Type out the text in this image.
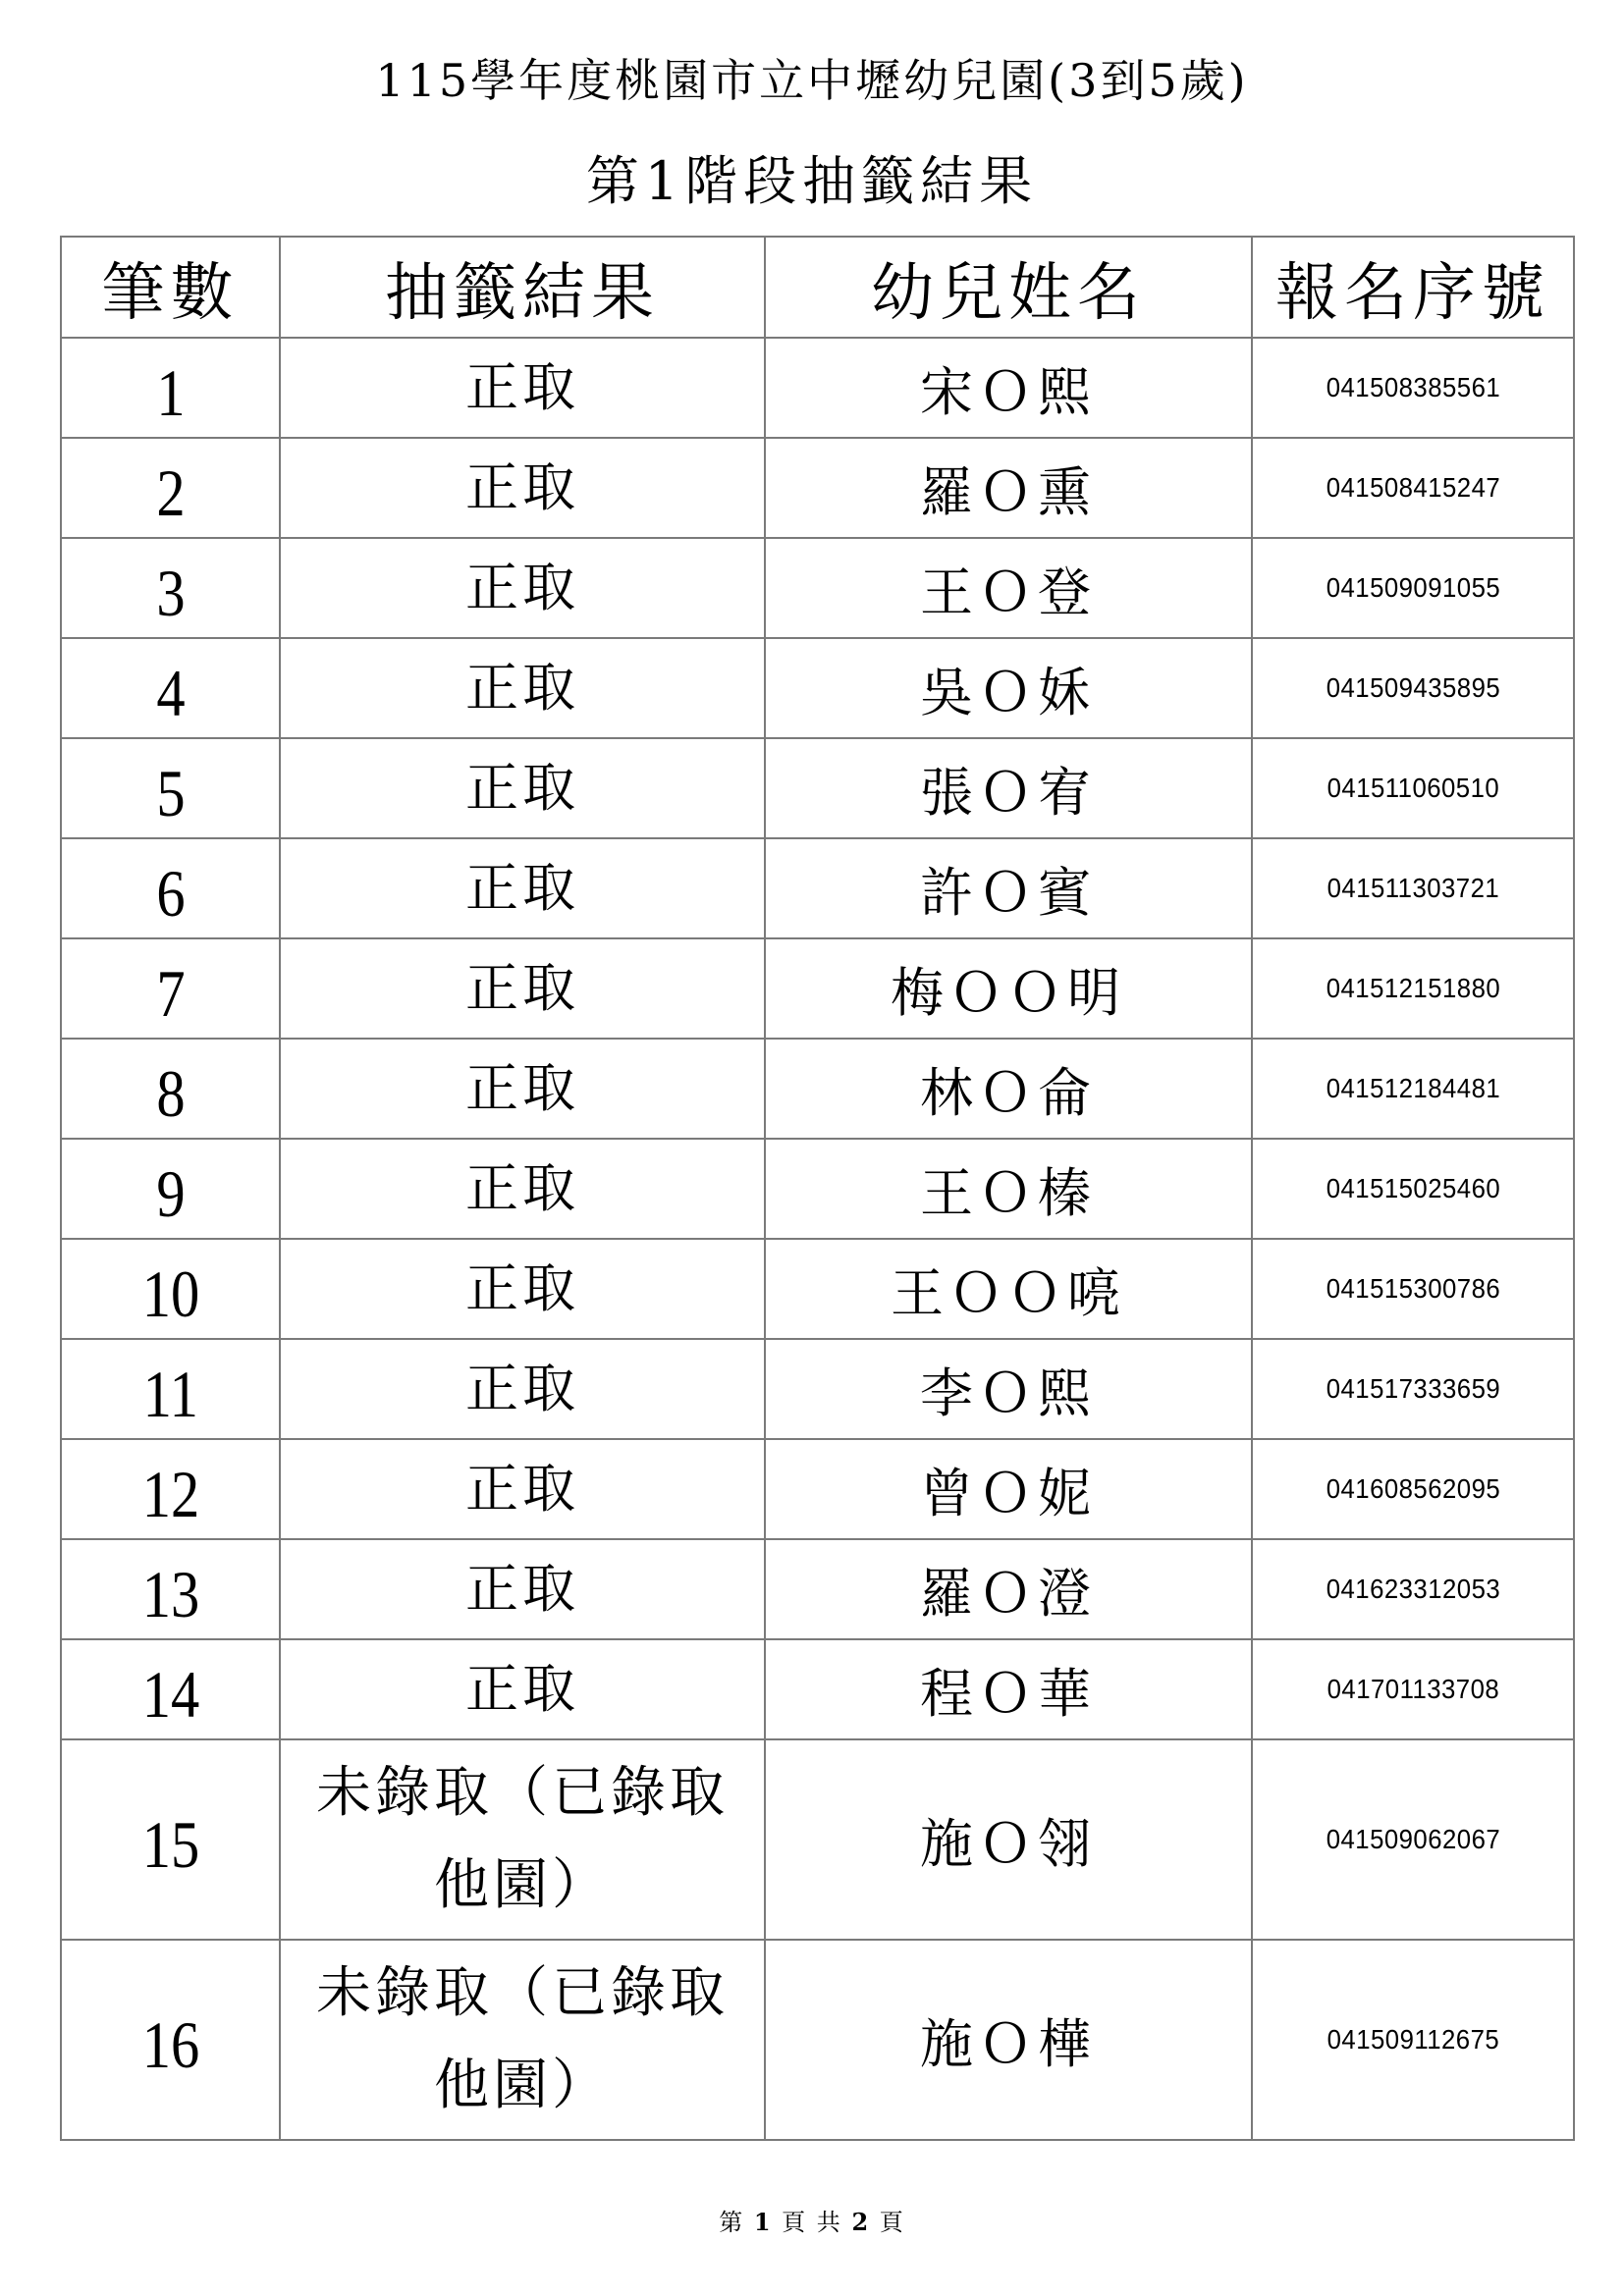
115學年度桃園市立中壢幼兒園(3到5歲)
第1階段抽籤結果
筆數	抽籤結果	幼兒姓名	報名序號
1	正取	宋Ｏ熙	041508385561
2	正取	羅Ｏ熏	041508415247
3	正取	王Ｏ登	041509091055
4	正取	吳Ｏ姀	041509435895
5	正取	張Ｏ宥	041511060510
6	正取	許Ｏ賓	041511303721
7	正取	梅ＯＯ明	041512151880
8	正取	林Ｏ侖	041512184481
9	正取	王Ｏ榛	041515025460
10	正取	王ＯＯ喨	041515300786
11	正取	李Ｏ熙	041517333659
12	正取	曾Ｏ妮	041608562095
13	正取	羅Ｏ澄	041623312053
14	正取	程Ｏ華	041701133708
15	未錄取（已錄取他園）	施Ｏ翎	041509062067
16	未錄取（已錄取他園）	施Ｏ樺	041509112675
第 1 頁 共 2 頁
